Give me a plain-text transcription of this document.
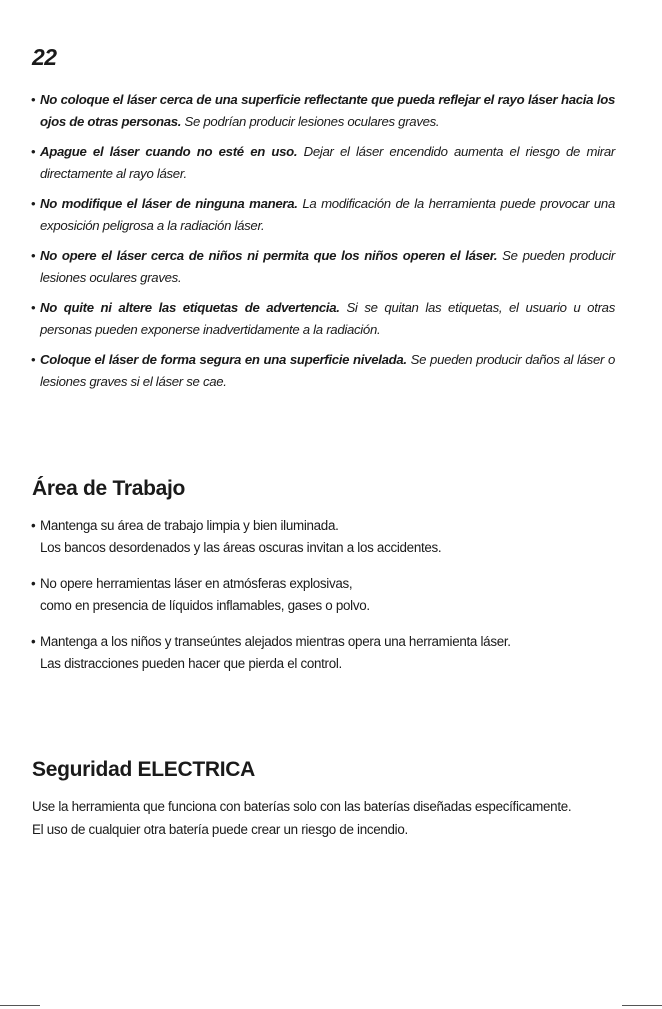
22

• No coloque el láser cerca de una superficie reflectante que pueda reflejar el rayo láser hacia los ojos de otras personas. Se podrían producir lesiones oculares graves.

• Apague el láser cuando no esté en uso. Dejar el láser encendido aumenta el riesgo de mirar directamente al rayo láser.

• No modifique el láser de ninguna manera. La modificación de la herramienta puede provocar una exposición peligrosa a la radiación láser.

• No opere el láser cerca de niños ni permita que los niños operen el láser. Se pueden producir lesiones oculares graves.

• No quite ni altere las etiquetas de advertencia. Si se quitan las etiquetas, el usuario u otras personas pueden exponerse inadvertidamente a la radiación.

• Coloque el láser de forma segura en una superficie nivelada. Se pueden producir daños al láser o lesiones graves si el láser se cae.

Área de Trabajo

• Mantenga su área de trabajo limpia y bien iluminada.
Los bancos desordenados y las áreas oscuras invitan a los accidentes.

• No opere herramientas láser en atmósferas explosivas,
como en presencia de líquidos inflamables, gases o polvo.

• Mantenga a los niños y transeúntes alejados mientras opera una herramienta láser.
Las distracciones pueden hacer que pierda el control.

Seguridad ELECTRICA
Use la herramienta que funciona con baterías solo con las baterías diseñadas específicamente.
El uso de cualquier otra batería puede crear un riesgo de incendio.
